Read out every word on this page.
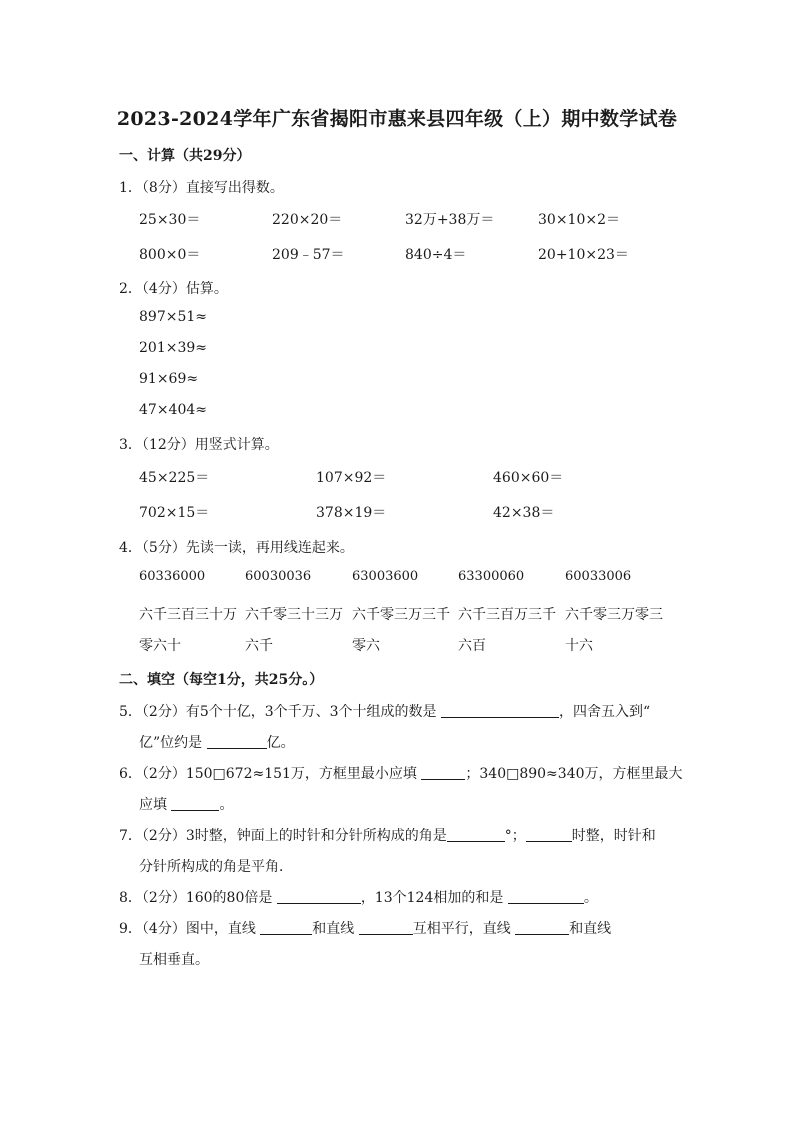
2023-2024学年广东省揭阳市惠来县四年级（上）期中数学试卷
一、计算（共29分）
1．（8分）直接写出得数。
25×30＝	220×20＝	32万+38万＝	30×10×2＝
800×0＝	209﹣57＝	840÷4＝	20+10×23＝
2．（4分）估算。
897×51≈
201×39≈
91×69≈
47×404≈
3．（12分）用竖式计算。
45×225＝	107×92＝	460×60＝
702×15＝	378×19＝	42×38＝
4．（5分）先读一读，再用线连起来。
60336000	60030036	63003600	63300060	60033006
六千三百三十万 六千零三十三万 六千零三万三千 六千三百万三千 六千零三万零三
零六十	六千	零六	六百	十六
二、填空（每空1分，共25分。）
5．（2分）有5个十亿，3个千万、3个十组成的数是	，四舍五入到“
亿”位约是	亿。
6．（2分）150□672≈151万，方框里最小应填	；340□890≈340万，方框里最大
应填	。
7．（2分）3时整，钟面上的时针和分针所构成的角是	°；	时整，时针和
分针所构成的角是平角．
8．（2分）160的80倍是	，13个124相加的和是	。
9．（4分）图中，直线	和直线	互相平行，直线	和直线
互相垂直。
